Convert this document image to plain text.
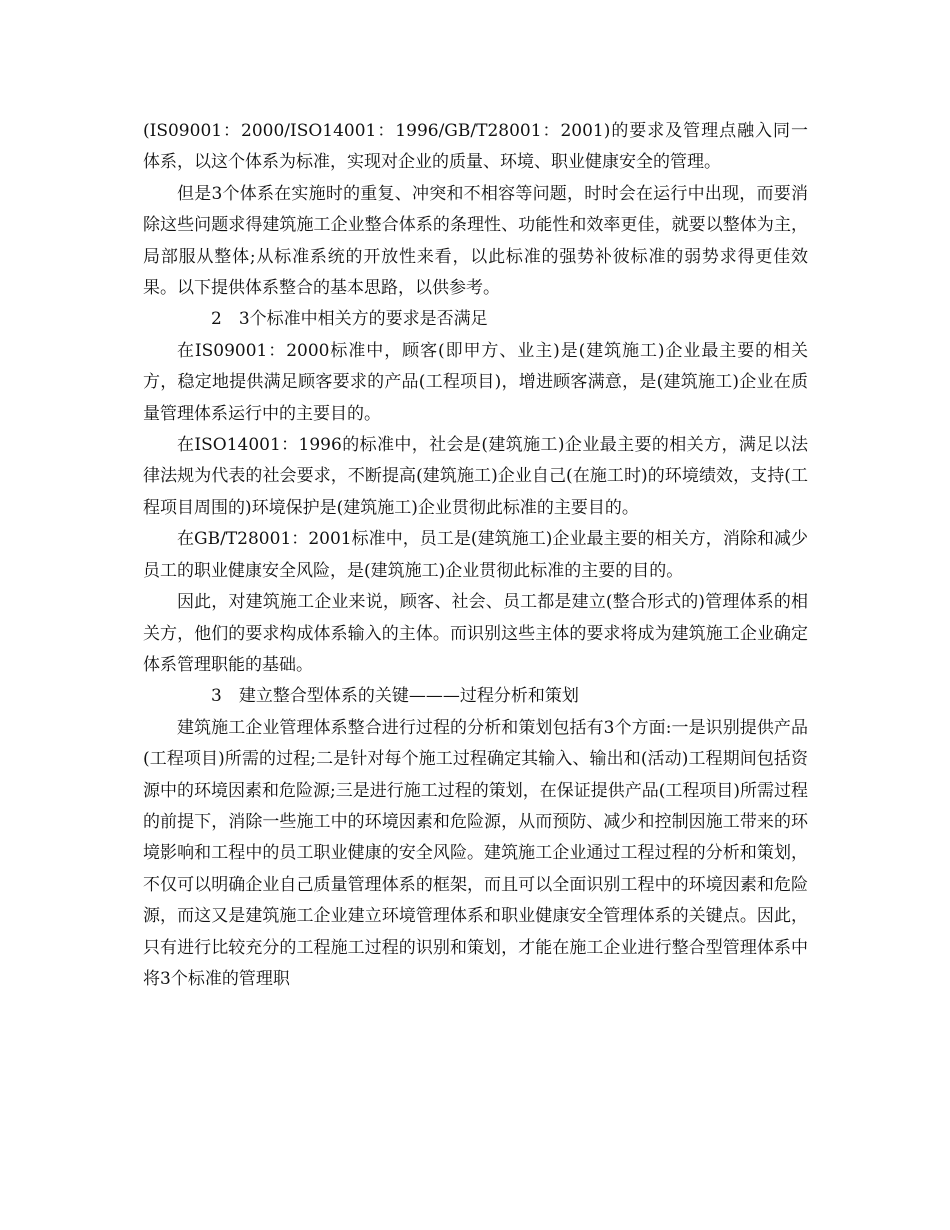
(IS09001：2000/ISO14001：1996/GB/T28001：2001)的要求及管理点融入同一体系，以这个体系为标准，实现对企业的质量、环境、职业健康安全的管理。

但是3个体系在实施时的重复、冲突和不相容等问题，时时会在运行中出现，而要消除这些问题求得建筑施工企业整合体系的条理性、功能性和效率更佳，就要以整体为主，局部服从整体;从标准系统的开放性来看，以此标准的强势补彼标准的弱势求得更佳效果。以下提供体系整合的基本思路，以供参考。

2 3个标准中相关方的要求是否满足

在IS09001：2000标准中，顾客(即甲方、业主)是(建筑施工)企业最主要的相关方，稳定地提供满足顾客要求的产品(工程项目)，增进顾客满意，是(建筑施工)企业在质量管理体系运行中的主要目的。

在ISO14001：1996的标准中，社会是(建筑施工)企业最主要的相关方，满足以法律法规为代表的社会要求，不断提高(建筑施工)企业自己(在施工时)的环境绩效，支持(工程项目周围的)环境保护是(建筑施工)企业贯彻此标准的主要目的。

在GB/T28001：2001标准中，员工是(建筑施工)企业最主要的相关方，消除和减少员工的职业健康安全风险，是(建筑施工)企业贯彻此标准的主要的目的。

因此，对建筑施工企业来说，顾客、社会、员工都是建立(整合形式的)管理体系的相关方，他们的要求构成体系输入的主体。而识别这些主体的要求将成为建筑施工企业确定体系管理职能的基础。

3 建立整合型体系的关键———过程分析和策划

建筑施工企业管理体系整合进行过程的分析和策划包括有3个方面:一是识别提供产品(工程项目)所需的过程;二是针对每个施工过程确定其输入、输出和(活动)工程期间包括资源中的环境因素和危险源;三是进行施工过程的策划，在保证提供产品(工程项目)所需过程的前提下，消除一些施工中的环境因素和危险源，从而预防、减少和控制因施工带来的环境影响和工程中的员工职业健康的安全风险。建筑施工企业通过工程过程的分析和策划，不仅可以明确企业自己质量管理体系的框架，而且可以全面识别工程中的环境因素和危险源，而这又是建筑施工企业建立环境管理体系和职业健康安全管理体系的关键点。因此，只有进行比较充分的工程施工过程的识别和策划，才能在施工企业进行整合型管理体系中将3个标准的管理职
